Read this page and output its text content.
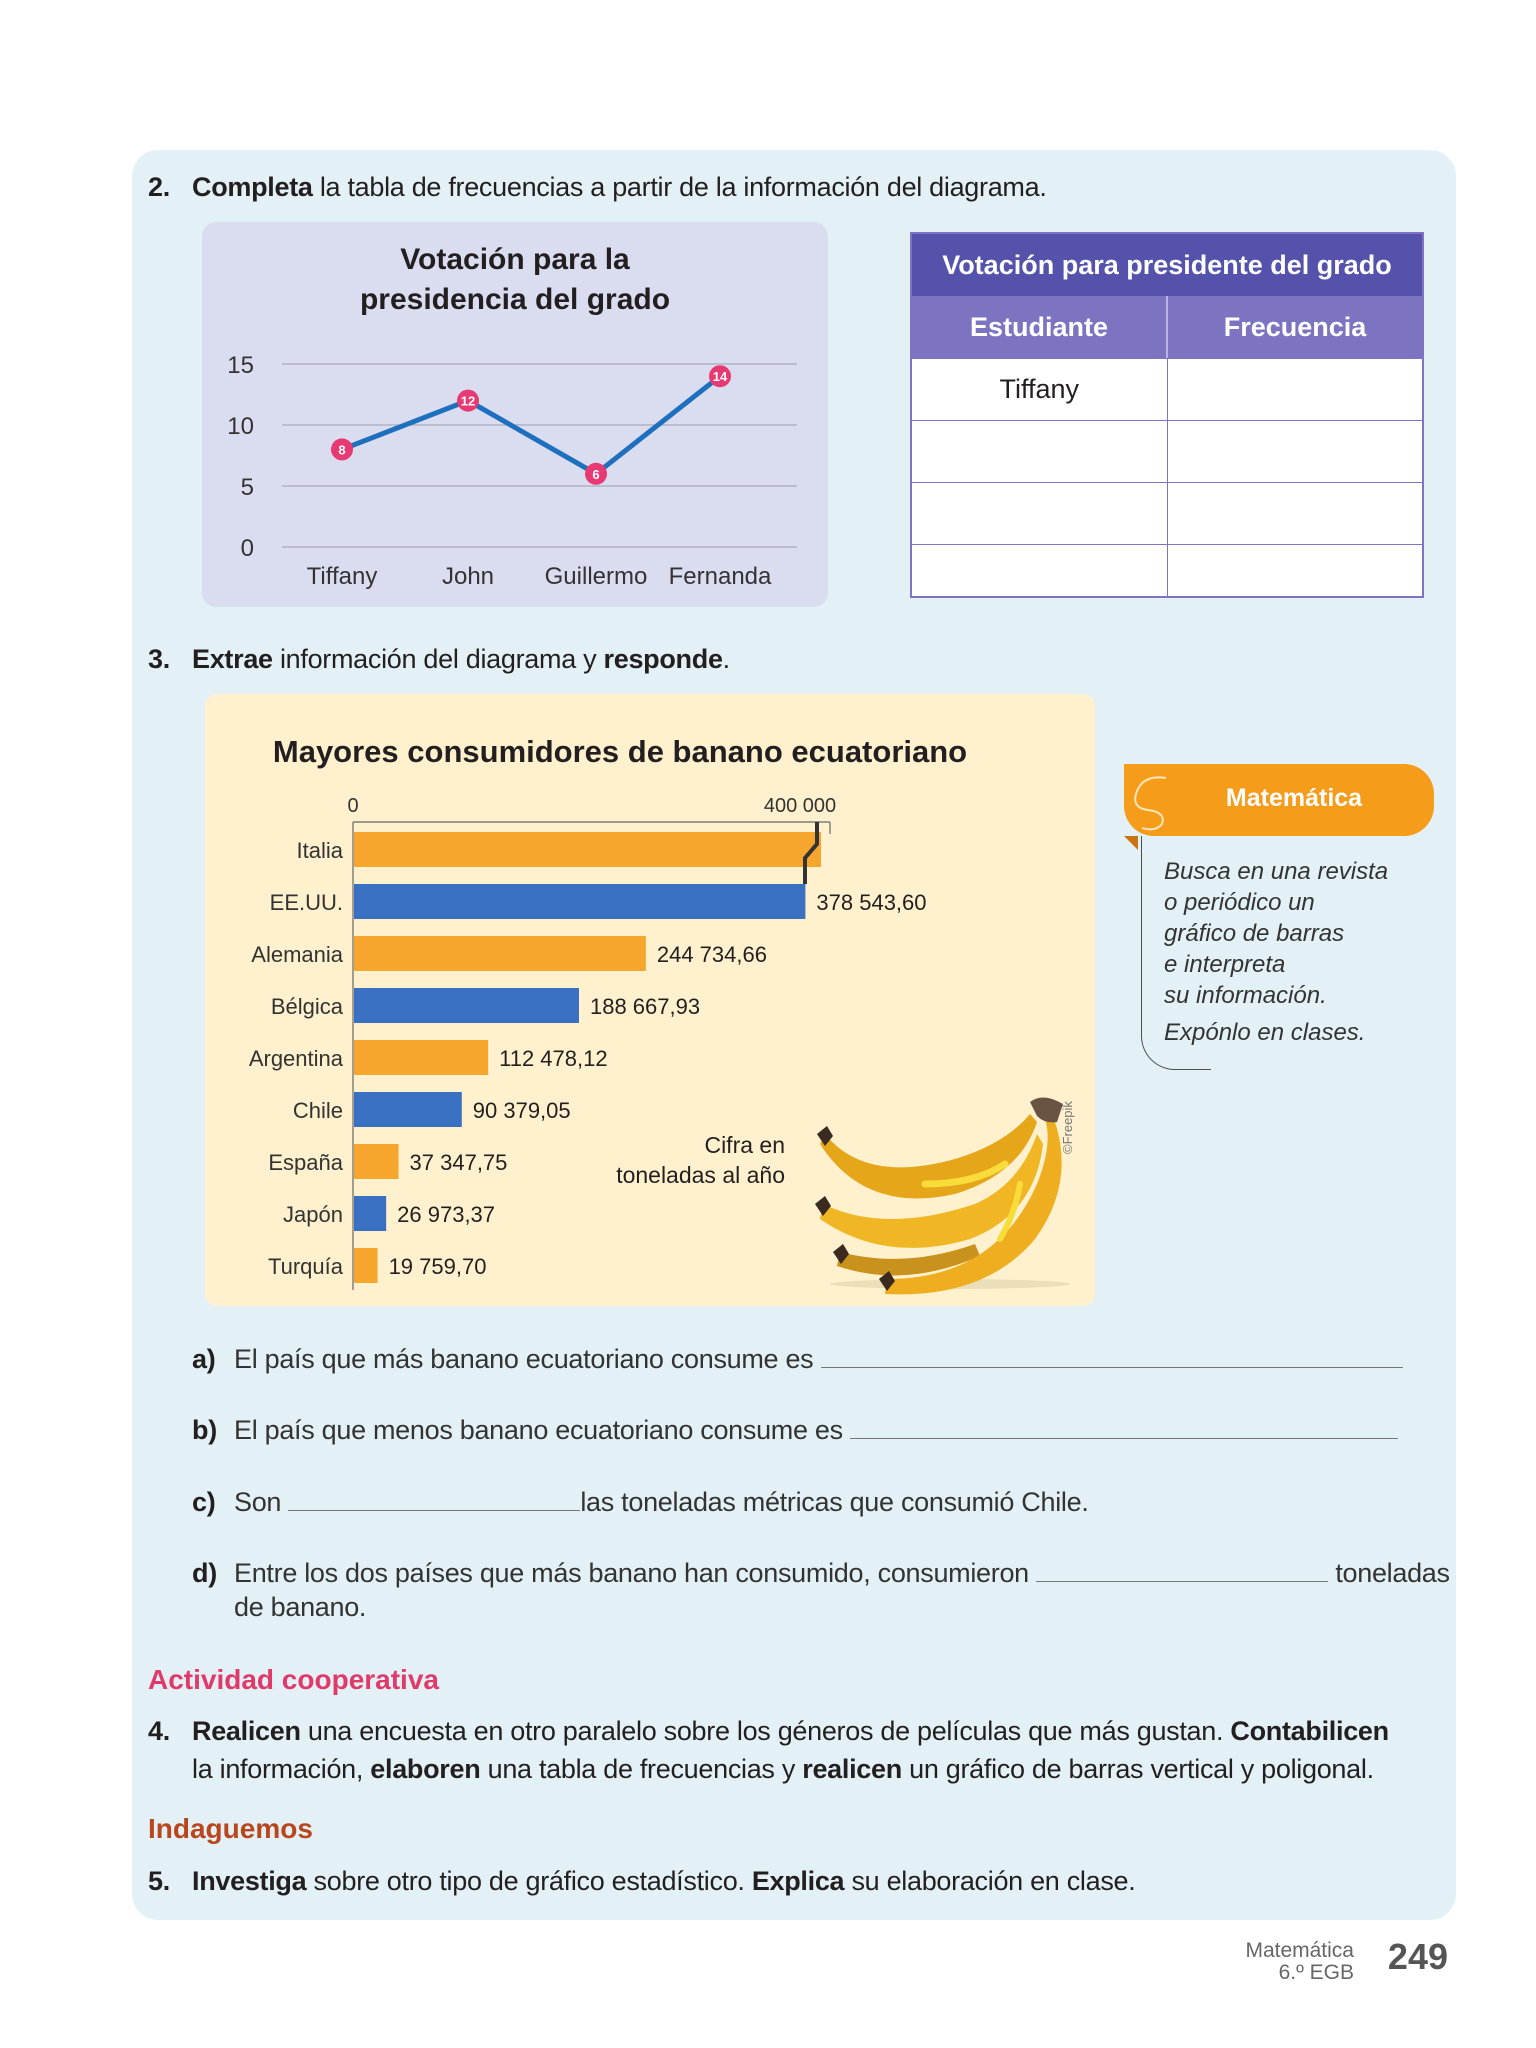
2. Completa la tabla de frecuencias a partir de la información del diagrama.
Votación para la
presidencia del grado
0
5
10
15
8
Tiffany
12
John
6
Guillermo
14
Fernanda
Votación para presidente del grado
Estudiante	Frecuencia
Tiffany
3. Extrae información del diagrama y responde.
Mayores consumidores de banano ecuatoriano
0	400 000
Italia
EE.UU.	378 543,60
Alemania	244 734,66
Bélgica	188 667,93
Argentina	112 478,12
Chile	90 379,05
España	37 347,75
Japón 26 973,37
Turquía 19 759,70
Cifra en
toneladas al año
©Freepik
Matemática

Busca en una revista
o periódico un
gráfico de barras
e interpreta
su información.

Expónlo en clases.

a) El país que más banano ecuatoriano consume es
b) El país que menos banano ecuatoriano consume es
c) Son	las toneladas métricas que consumió Chile.
d) Entre los dos países que más banano han consumido, consumieron	toneladas
de banano.
Actividad cooperativa
4. Realicen una encuesta en otro paralelo sobre los géneros de películas que más gustan. Contabilicen
la información, elaboren una tabla de frecuencias y realicen un gráfico de barras vertical y poligonal.
Indaguemos
5. Investiga sobre otro tipo de gráfico estadístico. Explica su elaboración en clase.
Matemática
6.º EGB 249
